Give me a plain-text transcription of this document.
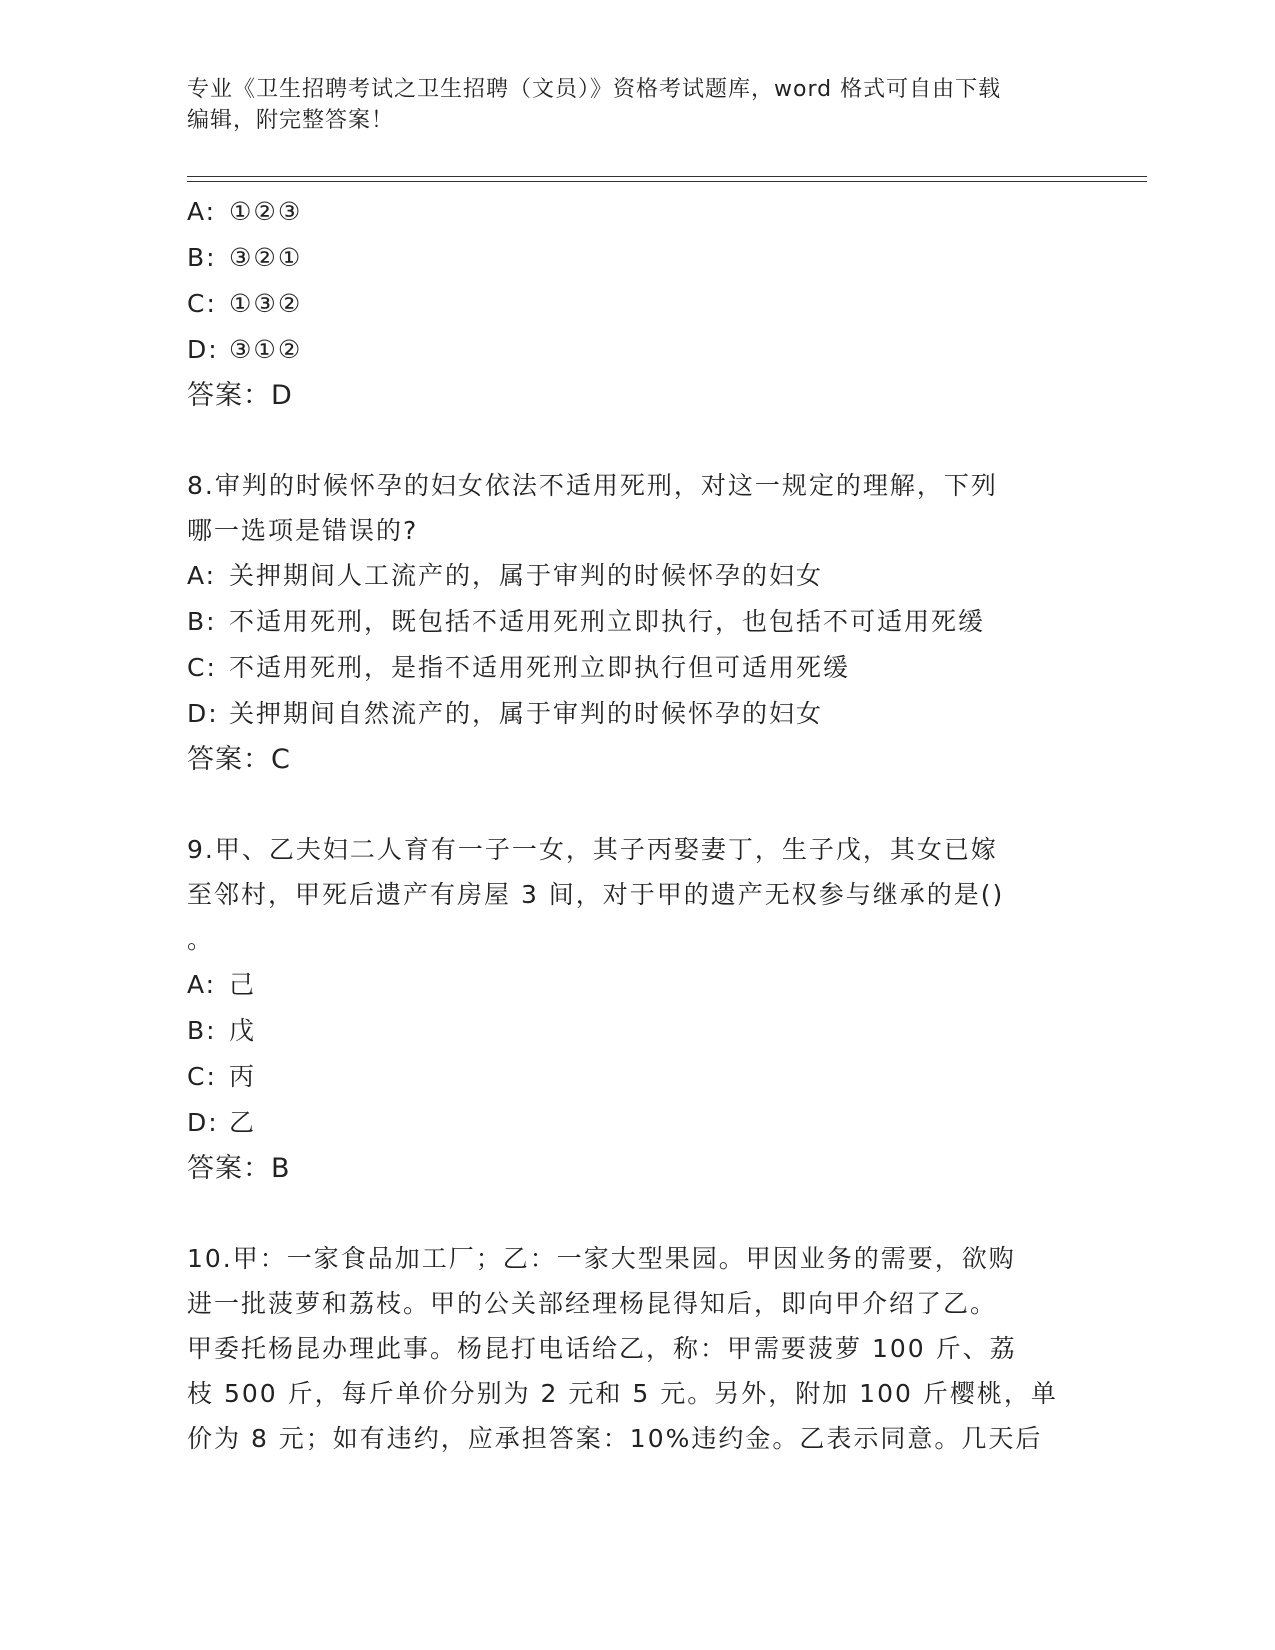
专业《卫生招聘考试之卫生招聘（文员）》资格考试题库，word 格式可自由下载
编辑，附完整答案！
A: ①②③
B: ③②①
C: ①③②
D: ③①②
答案：D
8.审判的时候怀孕的妇女依法不适用死刑，对这一规定的理解，下列
哪一选项是错误的?
A: 关押期间人工流产的，属于审判的时候怀孕的妇女
B: 不适用死刑，既包括不适用死刑立即执行，也包括不可适用死缓
C: 不适用死刑，是指不适用死刑立即执行但可适用死缓
D: 关押期间自然流产的，属于审判的时候怀孕的妇女
答案：C
9.甲、乙夫妇二人育有一子一女，其子丙娶妻丁，生子戊，其女已嫁
至邻村，甲死后遗产有房屋 3 间，对于甲的遗产无权参与继承的是()
。
A: 己
B: 戊
C: 丙
D: 乙
答案：B
10.甲：一家食品加工厂；乙：一家大型果园。甲因业务的需要，欲购
进一批菠萝和荔枝。甲的公关部经理杨昆得知后，即向甲介绍了乙。
甲委托杨昆办理此事。杨昆打电话给乙，称：甲需要菠萝 100 斤、荔
枝 500 斤，每斤单价分别为 2 元和 5 元。另外，附加 100 斤樱桃，单
价为 8 元；如有违约，应承担答案：10%违约金。乙表示同意。几天后
